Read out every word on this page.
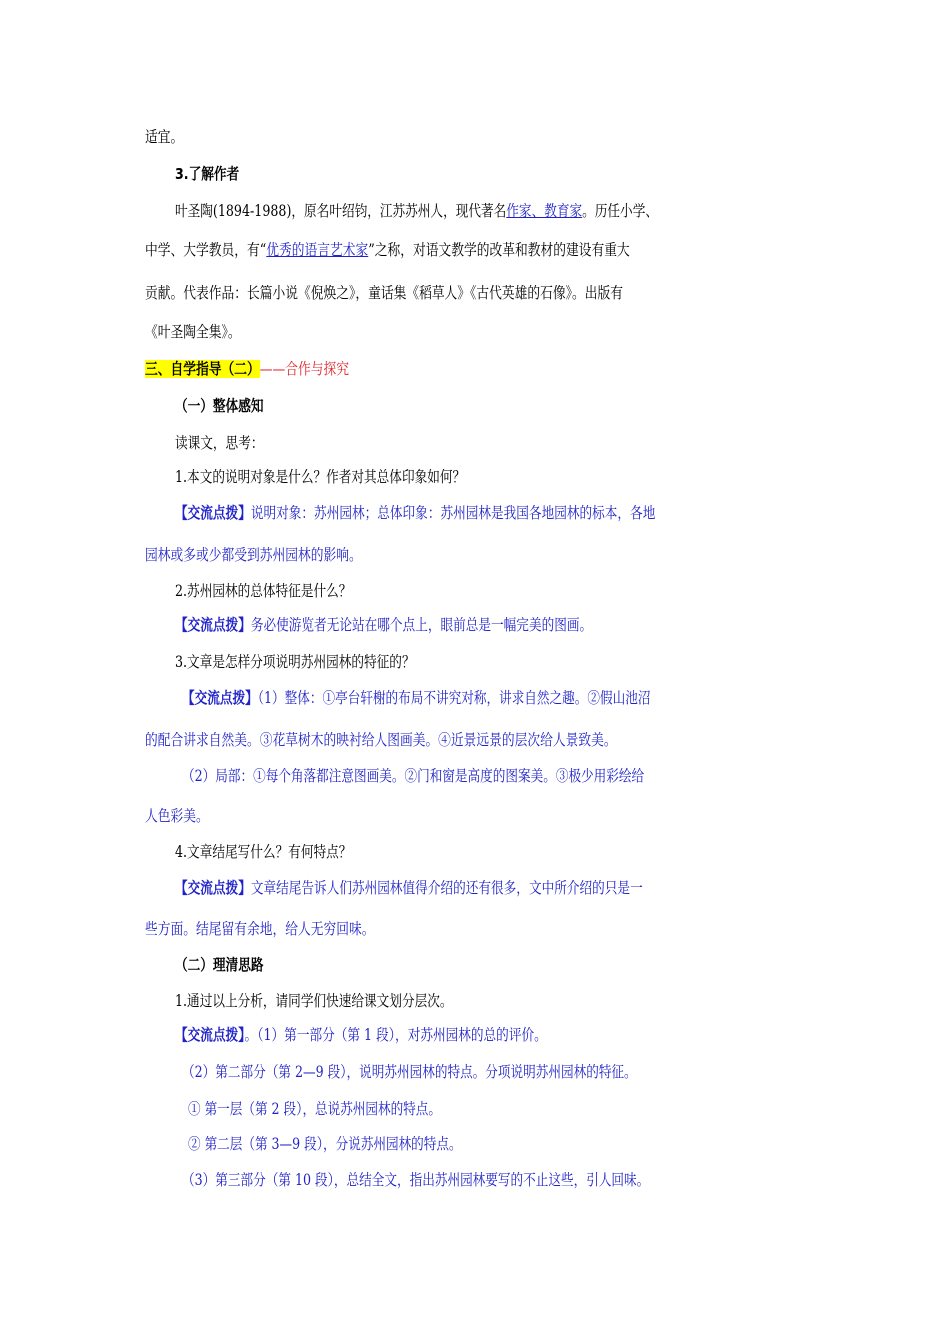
适宜。
3.了解作者
叶圣陶(1894-1988)，原名叶绍钧，江苏苏州人，现代著名作家、教育家。历任小学、
中学、大学教员，有“优秀的语言艺术家”之称，对语文教学的改革和教材的建设有重大
贡献。代表作品：长篇小说《倪焕之》，童话集《稻草人》《古代英雄的石像》。出版有
《叶圣陶全集》。
三、自学指导（二）——合作与探究
（一）整体感知
读课文，思考：
1.本文的说明对象是什么？作者对其总体印象如何？
【交流点拨】说明对象：苏州园林；总体印象：苏州园林是我国各地园林的标本，各地
园林或多或少都受到苏州园林的影响。
2.苏州园林的总体特征是什么？
【交流点拨】务必使游览者无论站在哪个点上，眼前总是一幅完美的图画。
3.文章是怎样分项说明苏州园林的特征的？
【交流点拨】（1）整体：①亭台轩榭的布局不讲究对称，讲求自然之趣。②假山池沼
的配合讲求自然美。③花草树木的映衬给人图画美。④近景远景的层次给人景致美。
（2）局部：①每个角落都注意图画美。②门和窗是高度的图案美。③极少用彩绘给
人色彩美。
4.文章结尾写什么？有何特点？
【交流点拨】文章结尾告诉人们苏州园林值得介绍的还有很多，文中所介绍的只是一
些方面。结尾留有余地，给人无穷回味。
（二）理清思路
1.通过以上分析，请同学们快速给课文划分层次。
【交流点拨】。（1）第一部分（第 1 段），对苏州园林的总的评价。
（2）第二部分（第 2—9 段），说明苏州园林的特点。分项说明苏州园林的特征。
① 第一层（第 2 段），总说苏州园林的特点。
② 第二层（第 3—9 段），分说苏州园林的特点。
（3）第三部分（第 10 段），总结全文，指出苏州园林要写的不止这些，引人回味。
